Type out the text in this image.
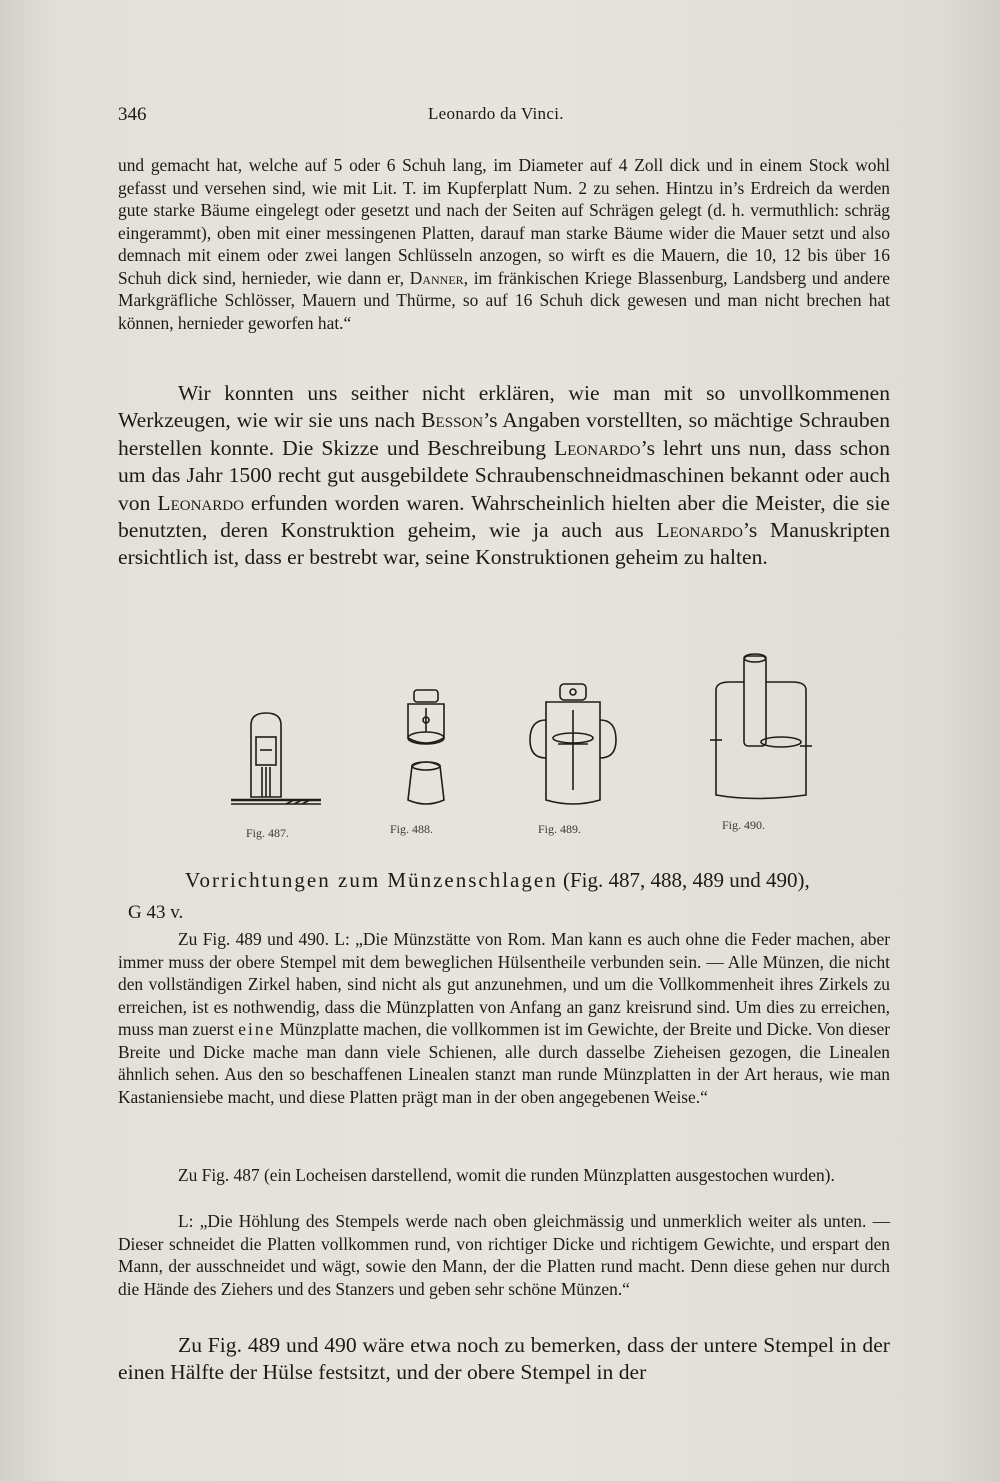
346	Leonardo da Vinci.
und gemacht hat, welche auf 5 oder 6 Schuh lang, im Diameter auf 4 Zoll dick und in einem Stock wohl gefasst und versehen sind, wie mit Lit. T. im Kupferplatt Num. 2 zu sehen. Hintzu in’s Erdreich da werden gute starke Bäume eingelegt oder gesetzt und nach der Seiten auf Schrägen gelegt (d. h. vermuthlich: schräg eingerammt), oben mit einer messingenen Platten, darauf man starke Bäume wider die Mauer setzt und also demnach mit einem oder zwei langen Schlüsseln anzogen, so wirft es die Mauern, die 10, 12 bis über 16 Schuh dick sind, hernieder, wie dann er, Danner, im fränkischen Kriege Blassenburg, Landsberg und andere Markgräfliche Schlösser, Mauern und Thürme, so auf 16 Schuh dick gewesen und man nicht brechen hat können, hernieder geworfen hat.“
Wir konnten uns seither nicht erklären, wie man mit so unvollkommenen Werkzeugen, wie wir sie uns nach Besson’s Angaben vorstellten, so mächtige Schrauben herstellen konnte. Die Skizze und Beschreibung Leonardo’s lehrt uns nun, dass schon um das Jahr 1500 recht gut ausgebildete Schraubenschneidmaschinen bekannt oder auch von Leonardo erfunden worden waren. Wahrscheinlich hielten aber die Meister, die sie benutzten, deren Konstruktion geheim, wie ja auch aus Leonardo’s Manuskripten ersichtlich ist, dass er bestrebt war, seine Konstruktionen geheim zu halten.
Fig. 487.	Fig. 488.	Fig. 489.	Fig. 490.
Vorrichtungen zum Münzenschlagen (Fig. 487, 488, 489 und 490),
G 43 v.
Zu Fig. 489 und 490. L: „Die Münzstätte von Rom. Man kann es auch ohne die Feder machen, aber immer muss der obere Stempel mit dem beweglichen Hülsentheile verbunden sein. — Alle Münzen, die nicht den vollständigen Zirkel haben, sind nicht als gut anzunehmen, und um die Vollkommenheit ihres Zirkels zu erreichen, ist es nothwendig, dass die Münzplatten von Anfang an ganz kreisrund sind. Um dies zu erreichen, muss man zuerst eine Münzplatte machen, die vollkommen ist im Gewichte, der Breite und Dicke. Von dieser Breite und Dicke mache man dann viele Schienen, alle durch dasselbe Zieheisen gezogen, die Linealen ähnlich sehen. Aus den so beschaffenen Linealen stanzt man runde Münzplatten in der Art heraus, wie man Kastaniensiebe macht, und diese Platten prägt man in der oben angegebenen Weise.“
Zu Fig. 487 (ein Locheisen darstellend, womit die runden Münzplatten ausgestochen wurden).
L: „Die Höhlung des Stempels werde nach oben gleichmässig und unmerklich weiter als unten. — Dieser schneidet die Platten vollkommen rund, von richtiger Dicke und richtigem Gewichte, und erspart den Mann, der ausschneidet und wägt, sowie den Mann, der die Platten rund macht. Denn diese gehen nur durch die Hände des Ziehers und des Stanzers und geben sehr schöne Münzen.“
Zu Fig. 489 und 490 wäre etwa noch zu bemerken, dass der untere Stempel in der einen Hälfte der Hülse festsitzt, und der obere Stempel in der
